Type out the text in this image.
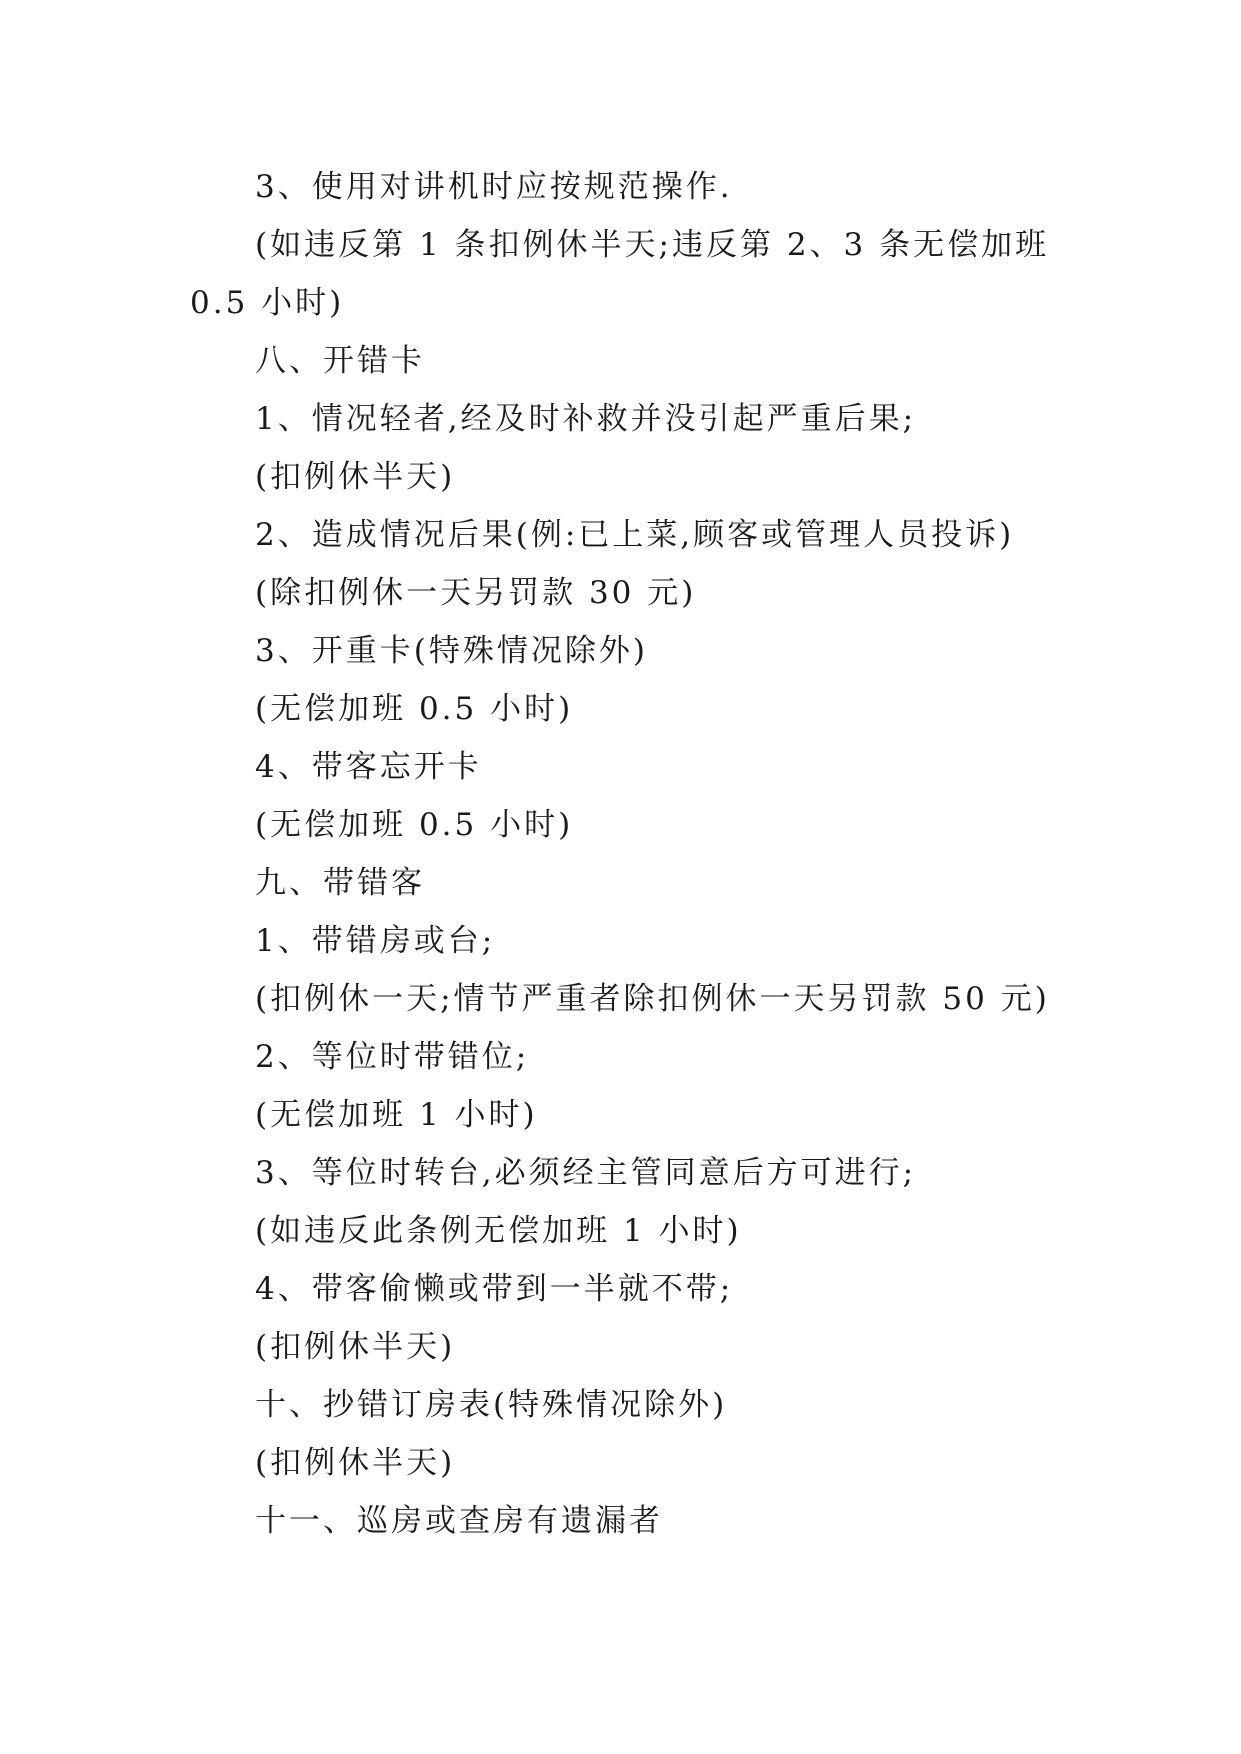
3、使用对讲机时应按规范操作.
(如违反第 1 条扣例休半天;违反第 2、3 条无偿加班 0.5 小时)
八、开错卡
1、情况轻者,经及时补救并没引起严重后果;
(扣例休半天)
2、造成情况后果(例:已上菜,顾客或管理人员投诉)
(除扣例休一天另罚款 30 元)
3、开重卡(特殊情况除外)
(无偿加班 0.5 小时)
4、带客忘开卡
(无偿加班 0.5 小时)
九、带错客
1、带错房或台;
(扣例休一天;情节严重者除扣例休一天另罚款 50 元)
2、等位时带错位;
(无偿加班 1 小时)
3、等位时转台,必须经主管同意后方可进行;
(如违反此条例无偿加班 1 小时)
4、带客偷懒或带到一半就不带;
(扣例休半天)
十、抄错订房表(特殊情况除外)
(扣例休半天)
十一、巡房或查房有遗漏者
